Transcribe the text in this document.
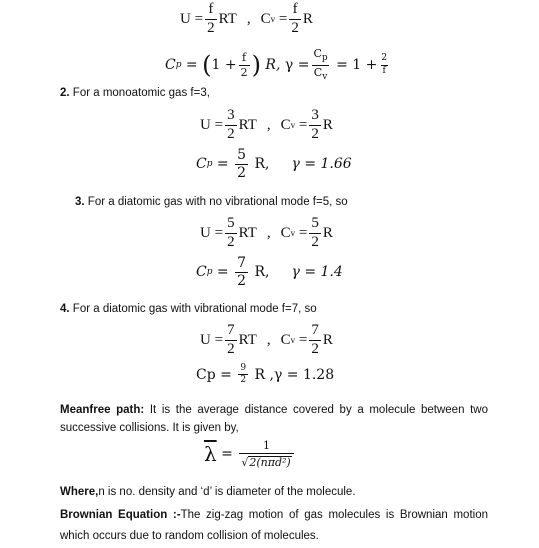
$U = \frac{f}{2}$ RT , C $v = \frac{f}{2}$ R
C p = ( $1 + \frac{f}{2}$ )
R,
$\gamma = \frac{C_p}{C_v}$
= $1 + \frac{2}{f}$
2. For a monoatomic gas f=3,
$U = \frac{3}{2}$ RT , C $v = \frac{3}{2}$ R
C $p = \frac{5}{2}$
R, γ = 1.66
3. For a diatomic gas with no vibrational mode f=5, so
$U = \frac{5}{2}$ RT , C $v = \frac{5}{2}$ R
C $p = \frac{7}{2}$
R, γ = 1.4
4. For a diatomic gas with vibrational mode f=7, so
$U = \frac{7}{2}$ RT , C $v = \frac{7}{2}$ R
Cp =
$\frac{9}{2}$
R , γ = 1.28
Meanfree path: It is the average distance covered by a molecule between two successive collisions. It is given by,
$\overline{\lambda}$
=
$\frac{1}{\text{√ 2(nπd²)}}$
Where,n is no. density and ‘d’ is diameter of the molecule.
Brownian Equation :-The zig-zag motion of gas molecules is Brownian motion which occurs due to random collision of molecules.
